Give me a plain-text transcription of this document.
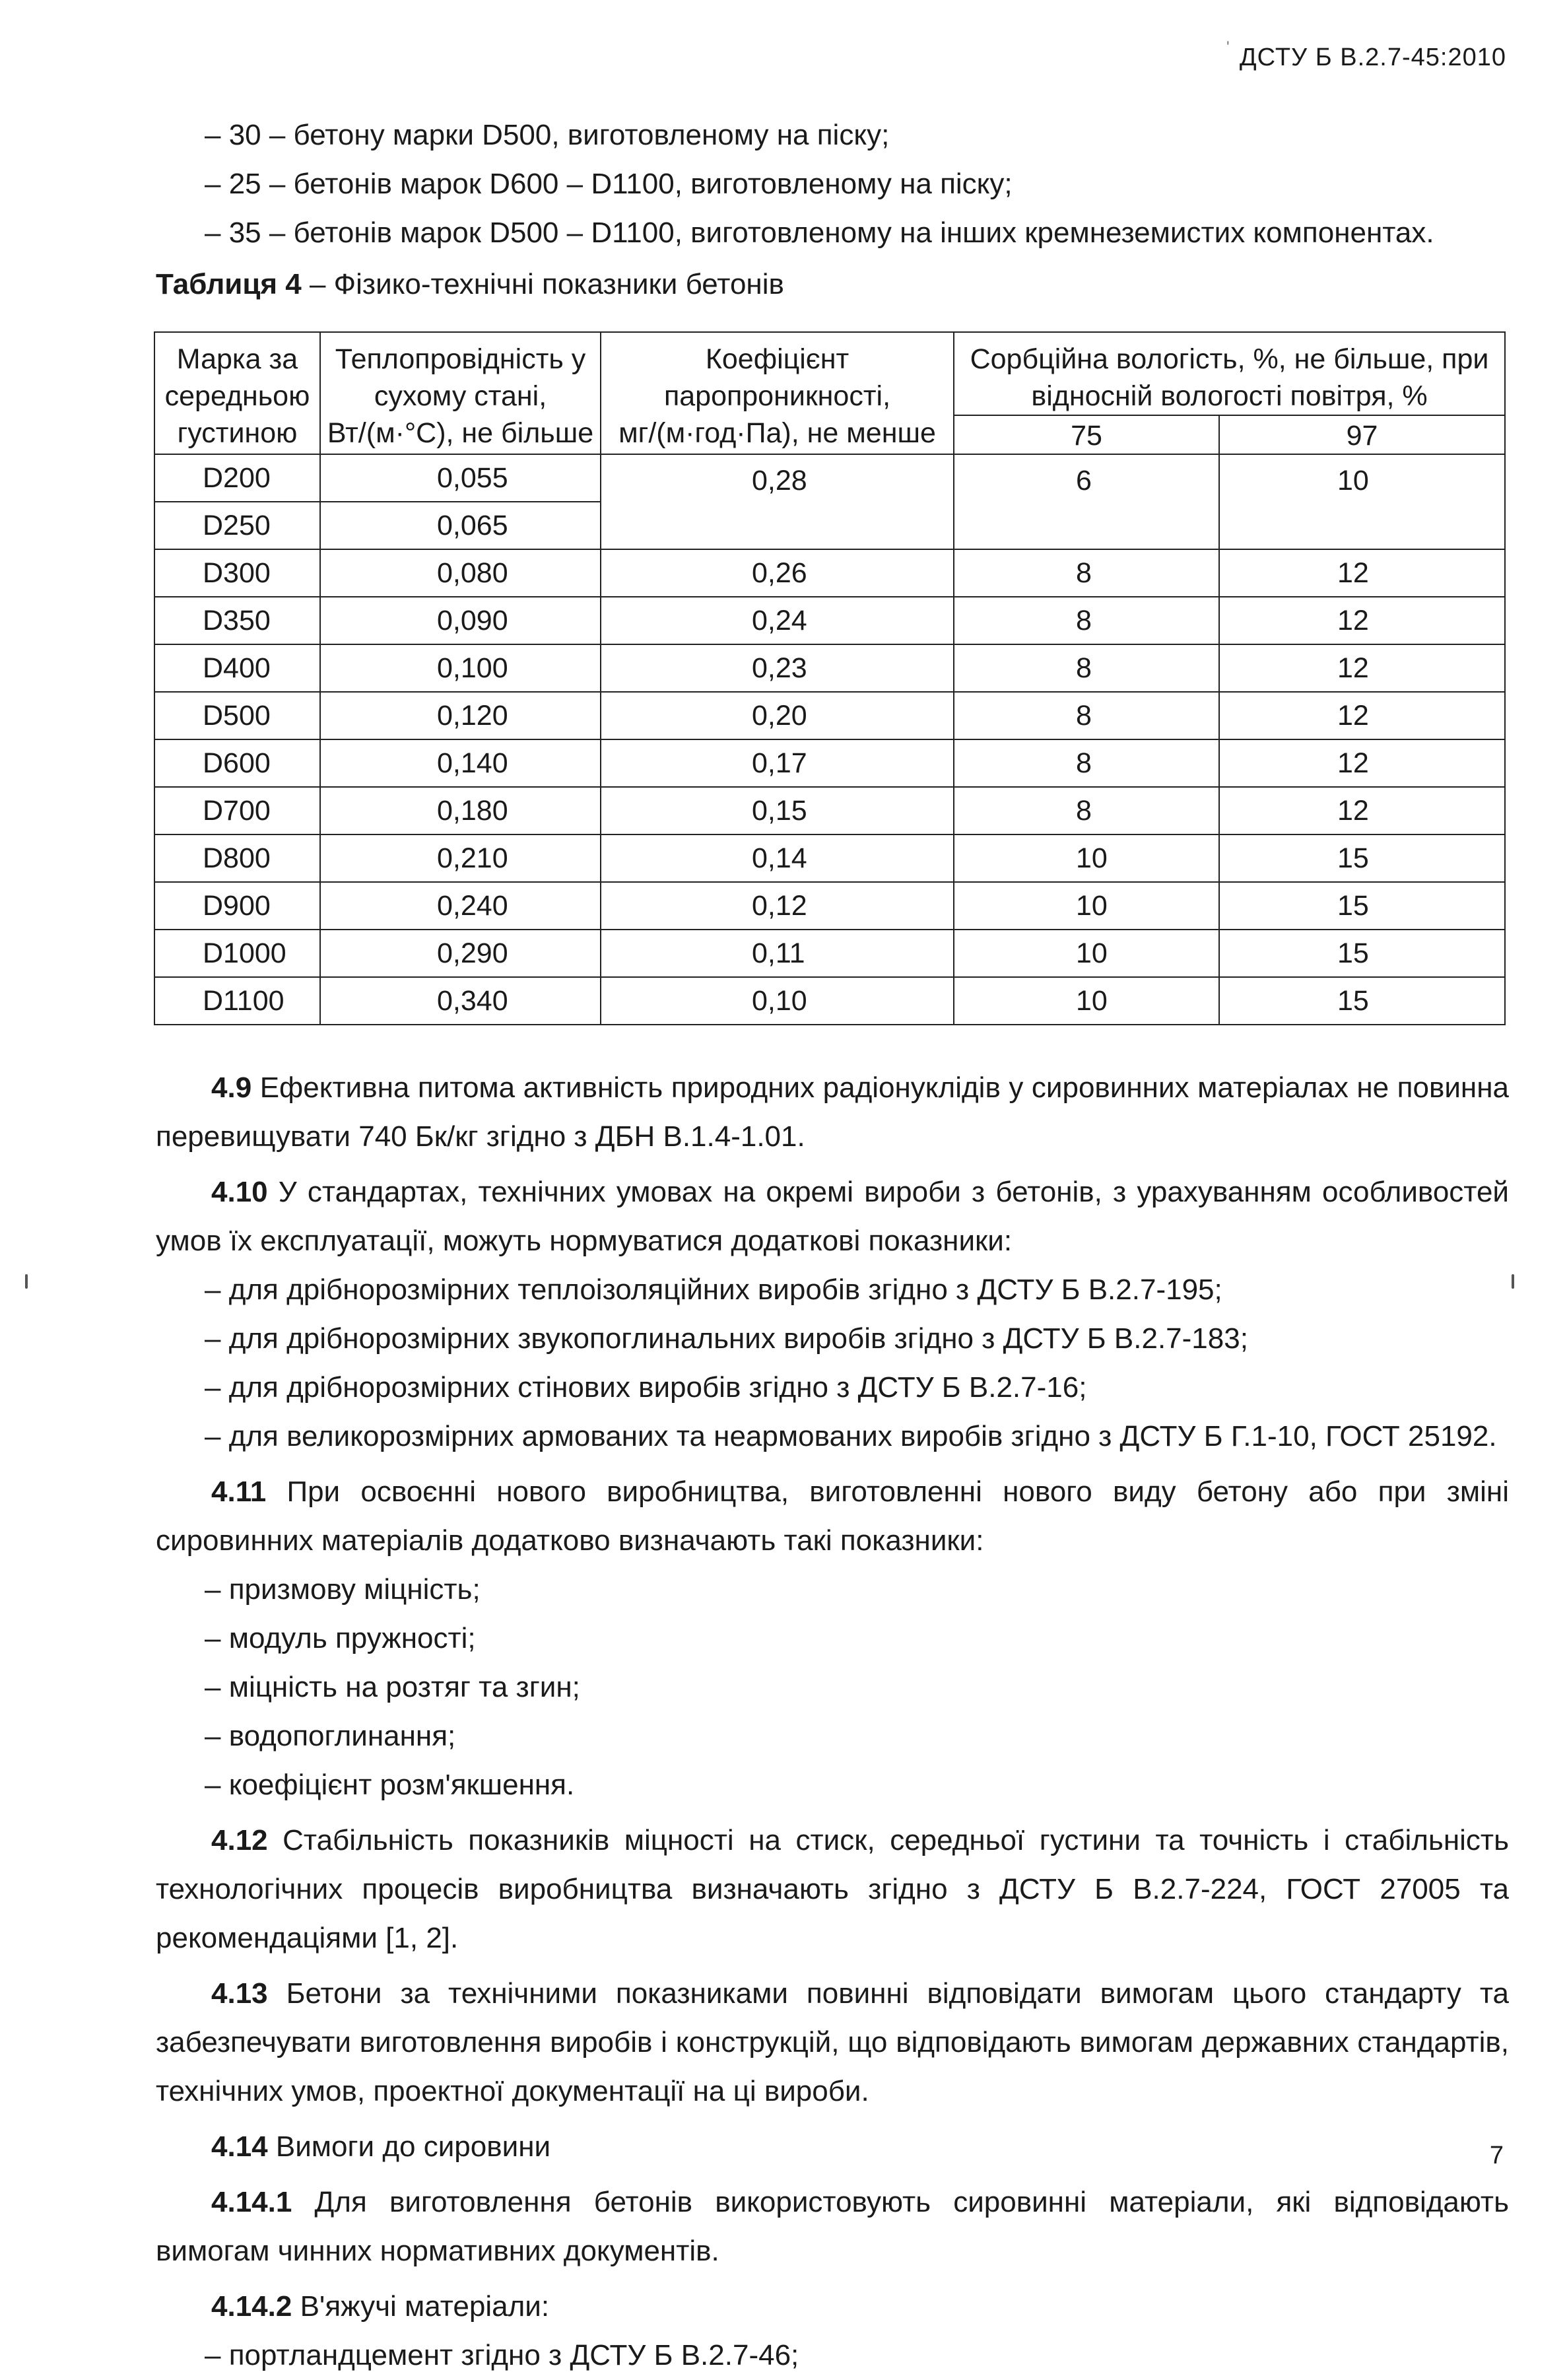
' ДСТУ Б В.2.7-45:2010

– 30 – бетону марки D500, виготовленому на піску;

– 25 – бетонів марок D600 – D1100, виготовленому на піску;

– 35 – бетонів марок D500 – D1100, виготовленому на інших кремнеземистих компонентах.

Таблиця 4 – Фізико-технічні показники бетонів

Марка за середньою густиною	Теплопровідність у сухому стані, Вт/(м·°С), не більше	Коефіцієнт паропроникності, мг/(м·год·Па), не менше	Сорбційна вологість, %, не більше, при відносній вологості повітря, %	
			75	97
D200	0,055	0,28	6	10
D250	0,065			
D300	0,080	0,26	8	12
D350	0,090	0,24	8	12
D400	0,100	0,23	8	12
D500	0,120	0,20	8	12
D600	0,140	0,17	8	12
D700	0,180	0,15	8	12
D800	0,210	0,14	10	15
D900	0,240	0,12	10	15
D1000	0,290	0,11	10	15
D1100	0,340	0,10	10	15

4.9 Ефективна питома активність природних радіонуклідів у сировинних матеріалах не повинна перевищувати 740 Бк/кг згідно з ДБН В.1.4-1.01.

4.10 У стандартах, технічних умовах на окремі вироби з бетонів, з урахуванням особливостей умов їх експлуатації, можуть нормуватися додаткові показники:

– для дрібнорозмірних теплоізоляційних виробів згідно з ДСТУ Б В.2.7-195;

– для дрібнорозмірних звукопоглинальних виробів згідно з ДСТУ Б В.2.7-183;

– для дрібнорозмірних стінових виробів згідно з ДСТУ Б В.2.7-16;

– для великорозмірних армованих та неармованих виробів згідно з ДСТУ Б Г.1-10, ГОСТ 25192.

4.11 При освоєнні нового виробництва, виготовленні нового виду бетону або при зміні сировинних матеріалів додатково визначають такі показники:

– призмову міцність;

– модуль пружності;

– міцність на розтяг та згин;

– водопоглинання;

– коефіцієнт розм'якшення.

4.12 Стабільність показників міцності на стиск, середньої густини та точність і стабільність технологічних процесів виробництва визначають згідно з ДСТУ Б В.2.7-224, ГОСТ 27005 та рекомендаціями [1, 2].

4.13 Бетони за технічними показниками повинні відповідати вимогам цього стандарту та забезпечувати виготовлення виробів і конструкцій, що відповідають вимогам державних стандартів, технічних умов, проектної документації на ці вироби.

4.14 Вимоги до сировини

4.14.1 Для виготовлення бетонів використовують сировинні матеріали, які відповідають вимогам чинних нормативних документів.

4.14.2 В'яжучі матеріали:

– портландцемент згідно з ДСТУ Б В.2.7-46;

7
